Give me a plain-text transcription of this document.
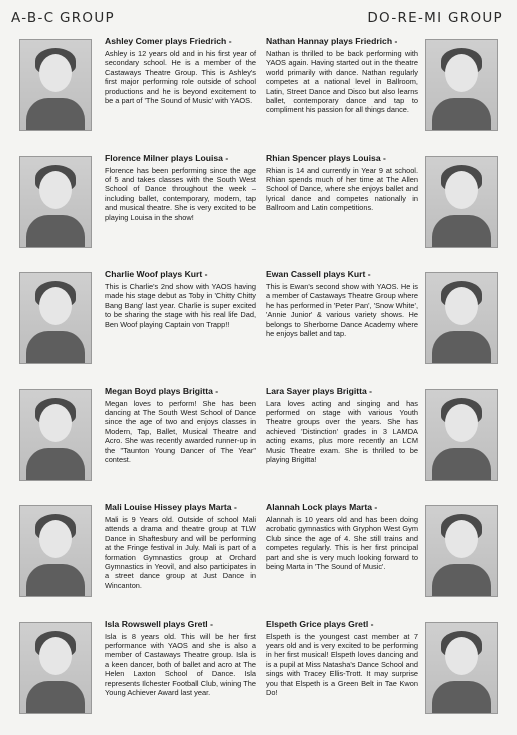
A-B-C GROUP	DO-RE-MI GROUP
Ashley Comer plays Friedrich -

Ashley is 12 years old and in his first year of secondary school. He is a member of the Castaways Theatre Group. This is Ashley's first major performing role outside of school productions and he is beyond excitement to be a part of 'The Sound of Music' with YAOS.

Nathan Hannay plays Friedrich -

Nathan is thrilled to be back performing with YAOS again. Having started out in the theatre world primarily with dance. Nathan regularly competes at a national level in Ballroom, Latin, Street Dance and Disco but also learns ballet, contemporary dance and tap to compliment his passion for all things dance.

Florence Milner plays Louisa -

Florence has been performing since the age of 5 and takes classes with the South West School of Dance throughout the week – including ballet, contemporary, modern, tap and musical theatre. She is very excited to be playing Louisa in the show!

Rhian Spencer plays Louisa -

Rhian is 14 and currently in Year 9 at school. Rhian spends much of her time at The Allen School of Dance, where she enjoys ballet and lyrical dance and competes nationally in Ballroom and Latin competitions.

Charlie Woof plays Kurt -

This is Charlie's 2nd show with YAOS having made his stage debut as Toby in 'Chitty Chitty Bang Bang' last year. Charlie is super excited to be sharing the stage with his real life Dad, Ben Woof playing Captain von Trapp!!

Ewan Cassell plays Kurt -

This is Ewan's second show with YAOS. He is a member of Castaways Theatre Group where he has performed in 'Peter Pan', 'Snow White', 'Annie Junior' & various variety shows. He belongs to Sherborne Dance Academy where he enjoys ballet and tap.

Megan Boyd plays Brigitta -

Megan loves to perform! She has been dancing at The South West School of Dance since the age of two and enjoys classes in Modern, Tap, Ballet, Musical Theatre and Acro. She was recently awarded runner-up in the "Taunton Young Dancer of The Year" contest.

Lara Sayer plays Brigitta -

Lara loves acting and singing and has performed on stage with various Youth Theatre groups over the years. She has achieved 'Distinction' grades in 3 LAMDA acting exams, plus more recently an LCM Music Theatre exam. She is thrilled to be playing Brigitta!

Mali Louise Hissey plays Marta -

Mali is 9 Years old. Outside of school Mali attends a drama and theatre group at TLW Dance in Shaftesbury and will be performing at the Fringe festival in July. Mali is part of a formation Gymnastics group at Orchard Gymnastics in Yeovil, and also participates in a street dance group at Just Dance in Wincanton.

Alannah Lock plays Marta -

Alannah is 10 years old and has been doing acrobatic gymnastics with Gryphon West Gym Club since the age of 4. She still trains and competes regularly. This is her first principal part and she is very much looking forward to being Marta in 'The Sound of Music'.

Isla Rowswell plays Gretl -

Isla is 8 years old. This will be her first performance with YAOS and she is also a member of Castaways Theatre group. Isla is a keen dancer, both of ballet and acro at The Helen Laxton School of Dance. Isla represents Ilchester Football Club, wining The Young Achiever Award last year.

Elspeth Grice plays Gretl -

Elspeth is the youngest cast member at 7 years old and is very excited to be performing in her first musical! Elspeth loves dancing and is a pupil at Miss Natasha's Dance School and sings with Tracey Ellis-Trott. It may surprise you that Elspeth is a Green Belt in Tae Kwon Do!
